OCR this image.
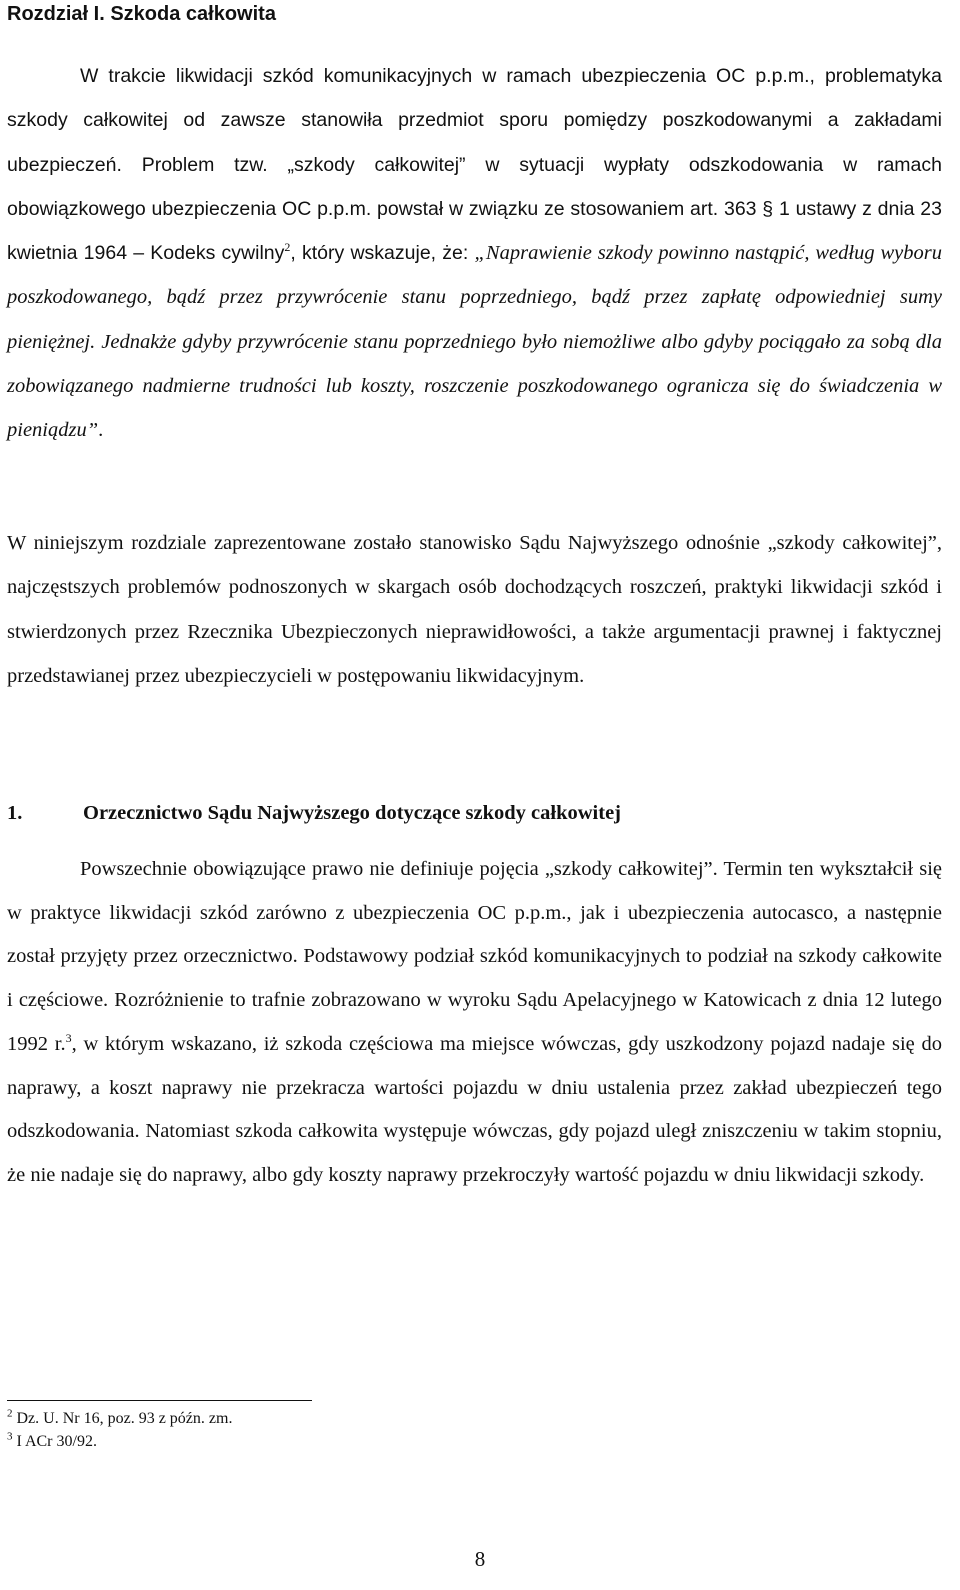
Rozdział I. Szkoda całkowita

W trakcie likwidacji szkód komunikacyjnych w ramach ubezpieczenia OC p.p.m., problematyka szkody całkowitej od zawsze stanowiła przedmiot sporu pomiędzy poszkodowanymi a zakładami ubezpieczeń. Problem tzw. „szkody całkowitej” w sytuacji wypłaty odszkodowania w ramach obowiązkowego ubezpieczenia OC p.p.m. powstał w związku ze stosowaniem art. 363 § 1 ustawy z dnia 23 kwietnia 1964 – Kodeks cywilny$^2$, który wskazuje, że: „Naprawienie szkody powinno nastąpić, według wyboru poszkodowanego, bądź przez przywrócenie stanu poprzedniego, bądź przez zapłatę odpowiedniej sumy pieniężnej. Jednakże gdyby przywrócenie stanu poprzedniego było niemożliwe albo gdyby pociągało za sobą dla zobowiązanego nadmierne trudności lub koszty, roszczenie poszkodowanego ogranicza się do świadczenia w pieniądzu”.

W niniejszym rozdziale zaprezentowane zostało stanowisko Sądu Najwyższego odnośnie „szkody całkowitej”, najczęstszych problemów podnoszonych w skargach osób dochodzących roszczeń, praktyki likwidacji szkód i stwierdzonych przez Rzecznika Ubezpieczonych nieprawidłowości, a także argumentacji prawnej i faktycznej przedstawianej przez ubezpieczycieli w postępowaniu likwidacyjnym.

1.	Orzecznictwo Sądu Najwyższego dotyczące szkody całkowitej

Powszechnie obowiązujące prawo nie definiuje pojęcia „szkody całkowitej”. Termin ten wykształcił się w praktyce likwidacji szkód zarówno z ubezpieczenia OC p.p.m., jak i ubezpieczenia autocasco, a następnie został przyjęty przez orzecznictwo. Podstawowy podział szkód komunikacyjnych to podział na szkody całkowite i częściowe. Rozróżnienie to trafnie zobrazowano w wyroku Sądu Apelacyjnego w Katowicach z dnia 12 lutego 1992 r.$^3$, w którym wskazano, iż szkoda częściowa ma miejsce wówczas, gdy uszkodzony pojazd nadaje się do naprawy, a koszt naprawy nie przekracza wartości pojazdu w dniu ustalenia przez zakład ubezpieczeń tego odszkodowania. Natomiast szkoda całkowita występuje wówczas, gdy pojazd uległ zniszczeniu w takim stopniu, że nie nadaje się do naprawy, albo gdy koszty naprawy przekroczyły wartość pojazdu w dniu likwidacji szkody.

$^2$ Dz. U. Nr 16, poz. 93 z późn. zm.

$^3$ I ACr 30/92.

8
